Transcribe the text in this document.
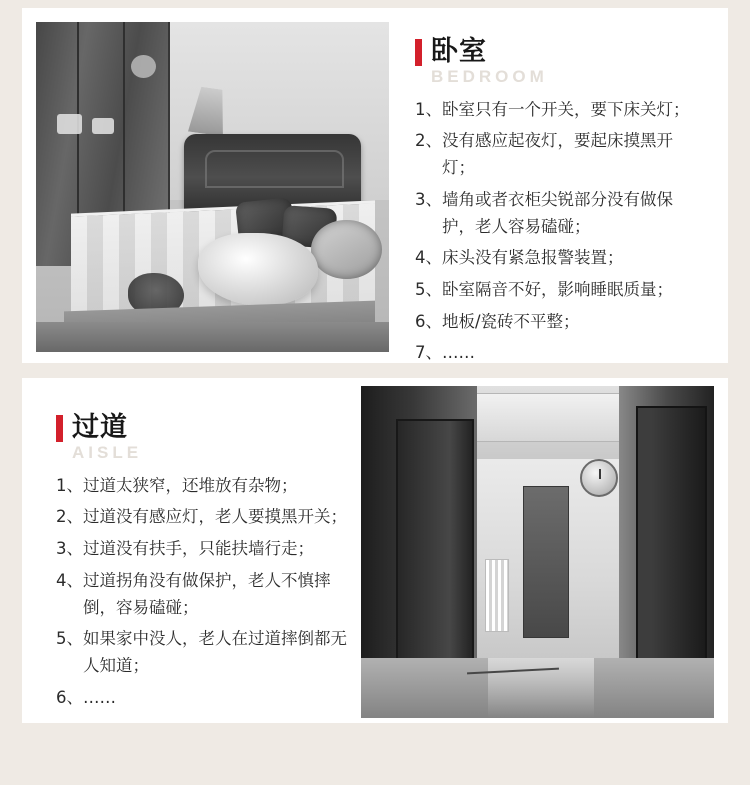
卧室
BEDROOM
1、 卧室只有一个开关，要下床关灯；
2、 没有感应起夜灯，要起床摸黑开灯；
3、 墙角或者衣柜尖锐部分没有做保护，老人容易磕碰；
4、 床头没有紧急报警装置；
5、 卧室隔音不好，影响睡眠质量；
6、 地板/瓷砖不平整；
7、 ……
过道
AISLE
1、 过道太狭窄，还堆放有杂物；
2、 过道没有感应灯，老人要摸黑开关；
3、 过道没有扶手，只能扶墙行走；
4、 过道拐角没有做保护，老人不慎摔倒，容易磕碰；
5、 如果家中没人，老人在过道摔倒都无人知道；
6、 ……
